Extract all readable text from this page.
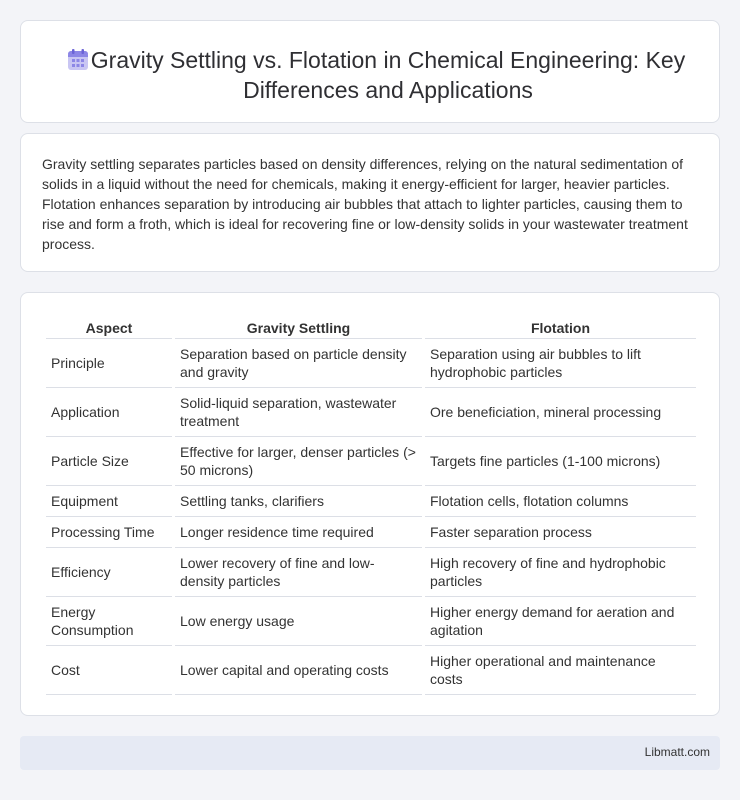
Gravity Settling vs. Flotation in Chemical Engineering: Key Differences and Applications

Gravity settling separates particles based on density differences, relying on the natural sedimentation of solids in a liquid without the need for chemicals, making it energy-efficient for larger, heavier particles. Flotation enhances separation by introducing air bubbles that attach to lighter particles, causing them to rise and form a froth, which is ideal for recovering fine or low-density solids in your wastewater treatment process.

Aspect	Gravity Settling	Flotation
Principle	Separation based on particle density and gravity	Separation using air bubbles to lift hydrophobic particles
Application	Solid-liquid separation, wastewater treatment	Ore beneficiation, mineral processing
Particle Size	Effective for larger, denser particles (> 50 microns)	Targets fine particles (1-100 microns)
Equipment	Settling tanks, clarifiers	Flotation cells, flotation columns
Processing Time	Longer residence time required	Faster separation process
Efficiency	Lower recovery of fine and low-density particles	High recovery of fine and hydrophobic particles
Energy Consumption	Low energy usage	Higher energy demand for aeration and agitation
Cost	Lower capital and operating costs	Higher operational and maintenance costs
Libmatt.com
